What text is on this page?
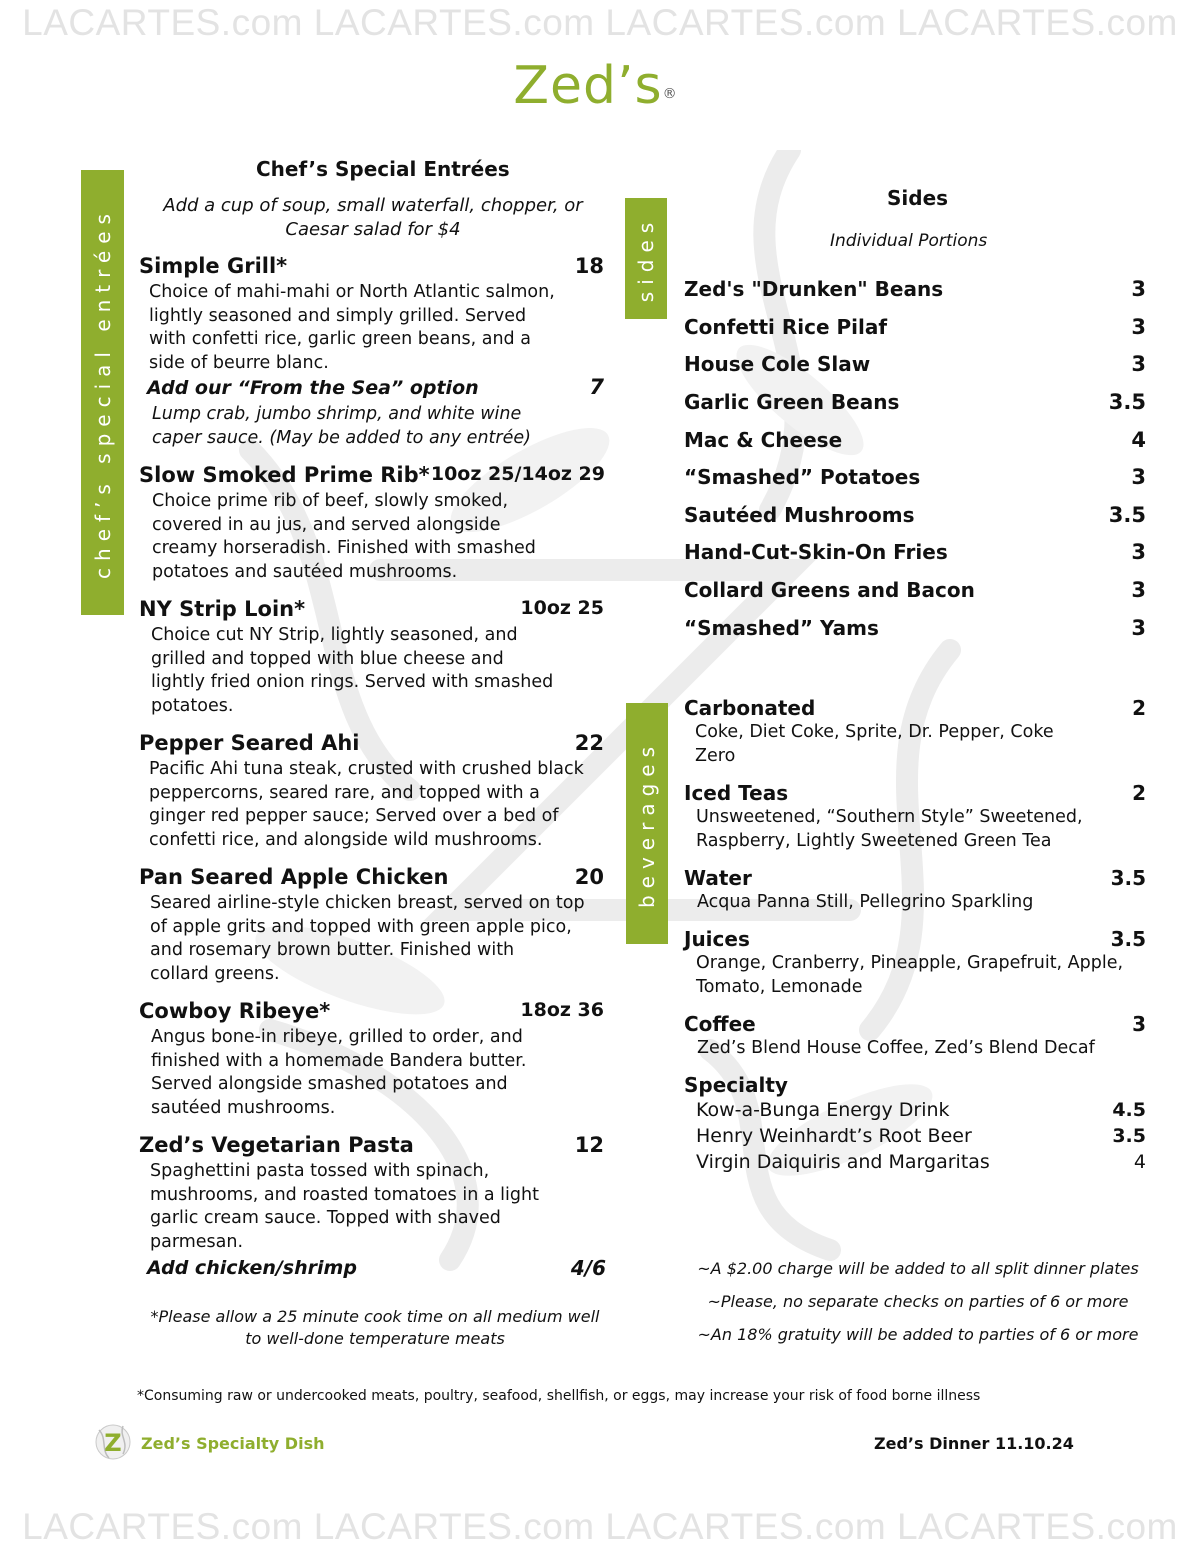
LACARTES.com LACARTES.com LACARTES.com LACARTES.com
LACARTES.com LACARTES.com LACARTES.com LACARTES.com
Zed’s®
chef’s special entrées	sides
beverages
Chef’s Special Entrées
Add a cup of soup, small waterfall, chopper, or
Caesar salad for $4
Simple Grill*	18
Choice of mahi-mahi or North Atlantic salmon,
lightly seasoned and simply grilled. Served
with confetti rice, garlic green beans, and a
side of beurre blanc.
Add our “From the Sea” option	7
Lump crab, jumbo shrimp, and white wine
caper sauce. (May be added to any entrée)
Slow Smoked Prime Rib* 10oz 25/14oz 29
Choice prime rib of beef, slowly smoked,
covered in au jus, and served alongside
creamy horseradish. Finished with smashed
potatoes and sautéed mushrooms.
NY Strip Loin*	10oz 25
Choice cut NY Strip, lightly seasoned, and
grilled and topped with blue cheese and
lightly fried onion rings. Served with smashed
potatoes.
Pepper Seared Ahi	22
Pacific Ahi tuna steak, crusted with crushed black
peppercorns, seared rare, and topped with a
ginger red pepper sauce; Served over a bed of
confetti rice, and alongside wild mushrooms.
Pan Seared Apple Chicken	20
Seared airline-style chicken breast, served on top
of apple grits and topped with green apple pico,
and rosemary brown butter. Finished with
collard greens.
Cowboy Ribeye*	18oz 36
Angus bone-in ribeye, grilled to order, and
finished with a homemade Bandera butter.
Served alongside smashed potatoes and
sautéed mushrooms.
Zed’s Vegetarian Pasta	12
Spaghettini pasta tossed with spinach,
mushrooms, and roasted tomatoes in a light
garlic cream sauce. Topped with shaved
parmesan.
Add chicken/shrimp	4/6
*Please allow a 25 minute cook time on all medium well
to well-done temperature meats
Sides
Individual Portions
Zed's "Drunken" Beans	3
Confetti Rice Pilaf	3
House Cole Slaw	3
Garlic Green Beans	3.5
Mac & Cheese	4
“Smashed” Potatoes	3
Sautéed Mushrooms	3.5
Hand-Cut-Skin-On Fries	3
Collard Greens and Bacon	3
“Smashed” Yams	3
Carbonated	2
Coke, Diet Coke, Sprite, Dr. Pepper, Coke
Zero
Iced Teas	2
Unsweetened, “Southern Style” Sweetened,
Raspberry, Lightly Sweetened Green Tea
Water	3.5
Acqua Panna Still, Pellegrino Sparkling
Juices	3.5
Orange, Cranberry, Pineapple, Grapefruit, Apple,
Tomato, Lemonade
Coffee	3
Zed’s Blend House Coffee, Zed’s Blend Decaf
Specialty
Kow-a-Bunga Energy Drink	4.5
Henry Weinhardt’s Root Beer	3.5
Virgin Daiquiris and Margaritas	4
~A $2.00 charge will be added to all split dinner plates
~Please, no separate checks on parties of 6 or more
~An 18% gratuity will be added to parties of 6 or more
*Consuming raw or undercooked meats, poultry, seafood, shellfish, or eggs, may increase your risk of food borne illness
Z Zed’s Specialty Dish	Zed’s Dinner 11.10.24
